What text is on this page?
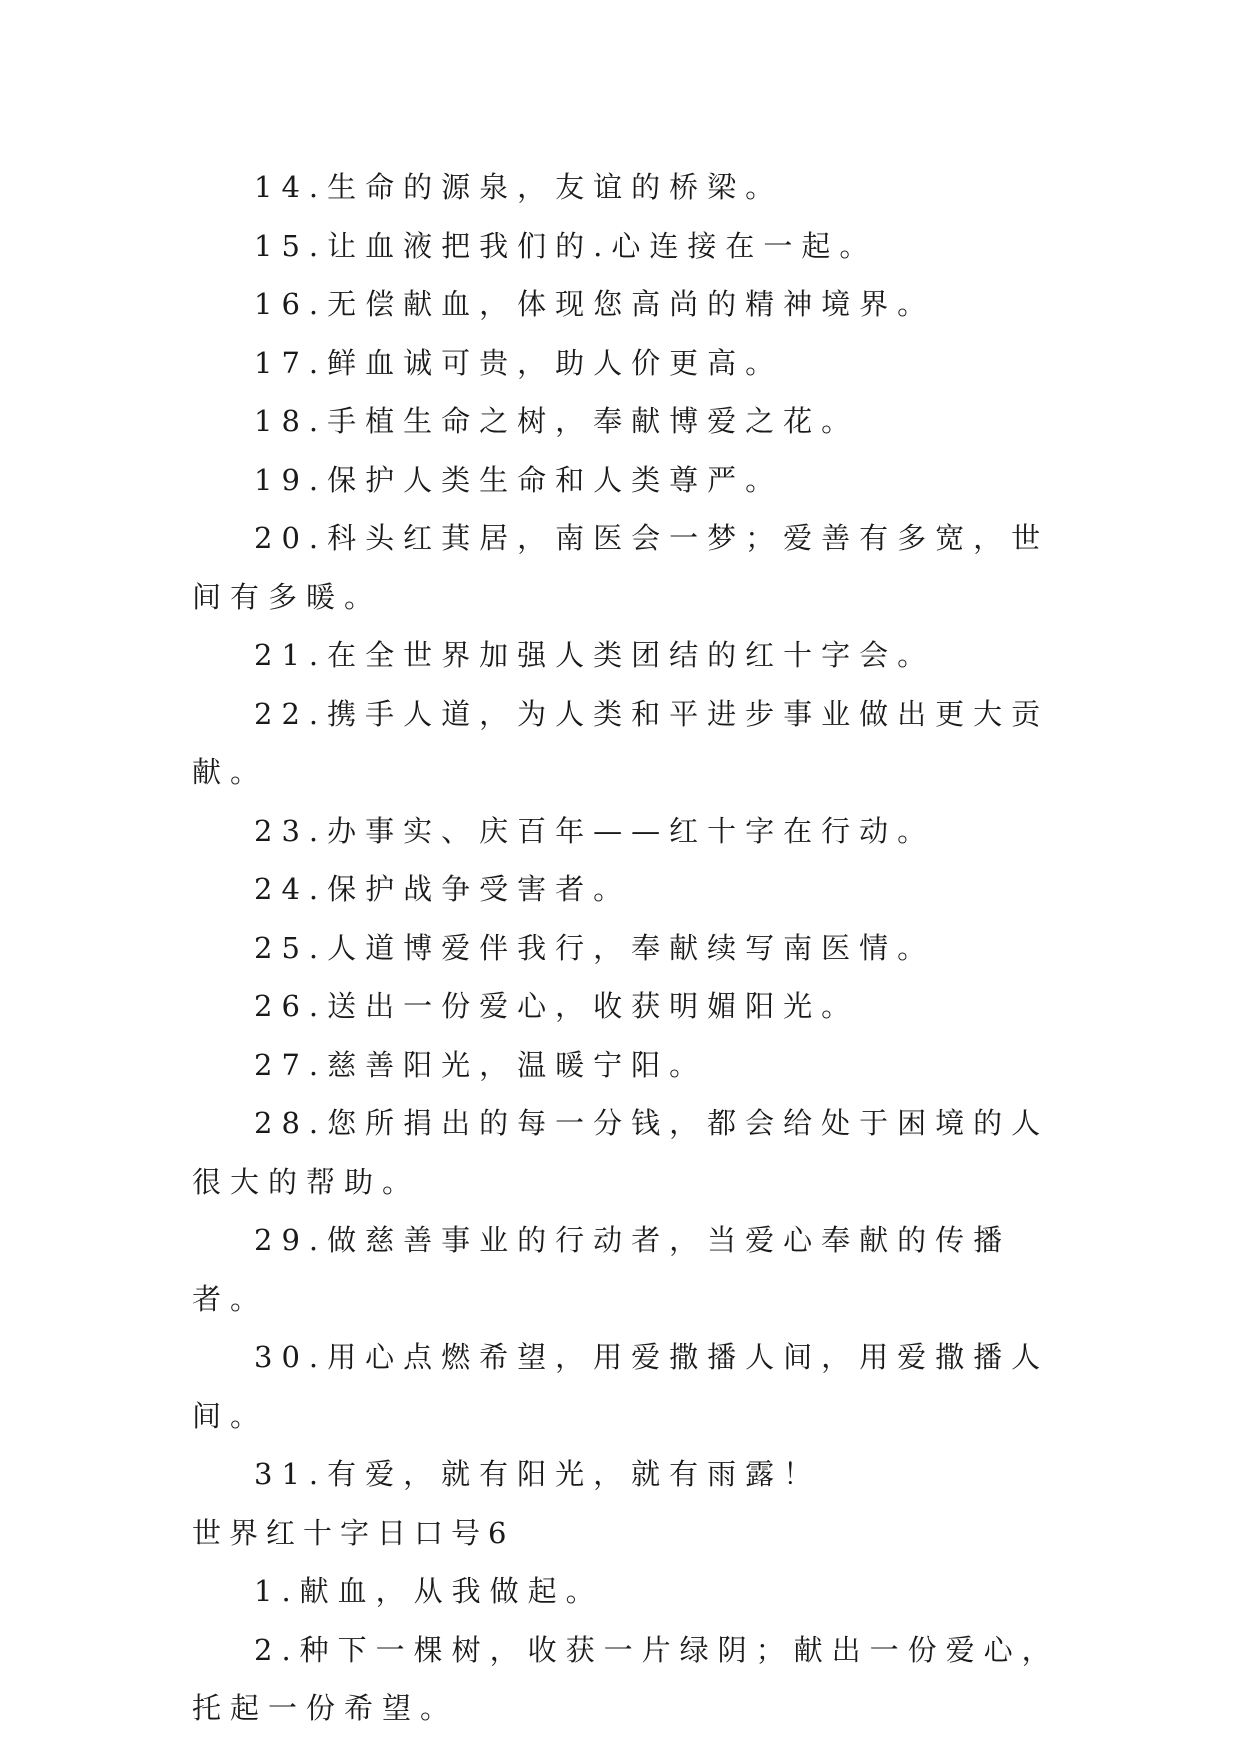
14.生命的源泉，友谊的桥梁。

15.让血液把我们的.心连接在一起。

16.无偿献血，体现您高尚的精神境界。

17.鲜血诚可贵，助人价更高。

18.手植生命之树，奉献博爱之花。

19.保护人类生命和人类尊严。

20.科头红萁居，南医会一梦；爱善有多宽，世间有多暖。

21.在全世界加强人类团结的红十字会。

22.携手人道，为人类和平进步事业做出更大贡献。

23.办事实、庆百年——红十字在行动。

24.保护战争受害者。

25.人道博爱伴我行，奉献续写南医情。

26.送出一份爱心，收获明媚阳光。

27.慈善阳光，温暖宁阳。

28.您所捐出的每一分钱，都会给处于困境的人很大的帮助。

29.做慈善事业的行动者，当爱心奉献的传播者。

30.用心点燃希望，用爱撒播人间，用爱撒播人间。

31.有爱，就有阳光，就有雨露！

世界红十字日口号6

1.献血，从我做起。

2.种下一棵树，收获一片绿阴；献出一份爱心，托起一份希望。
